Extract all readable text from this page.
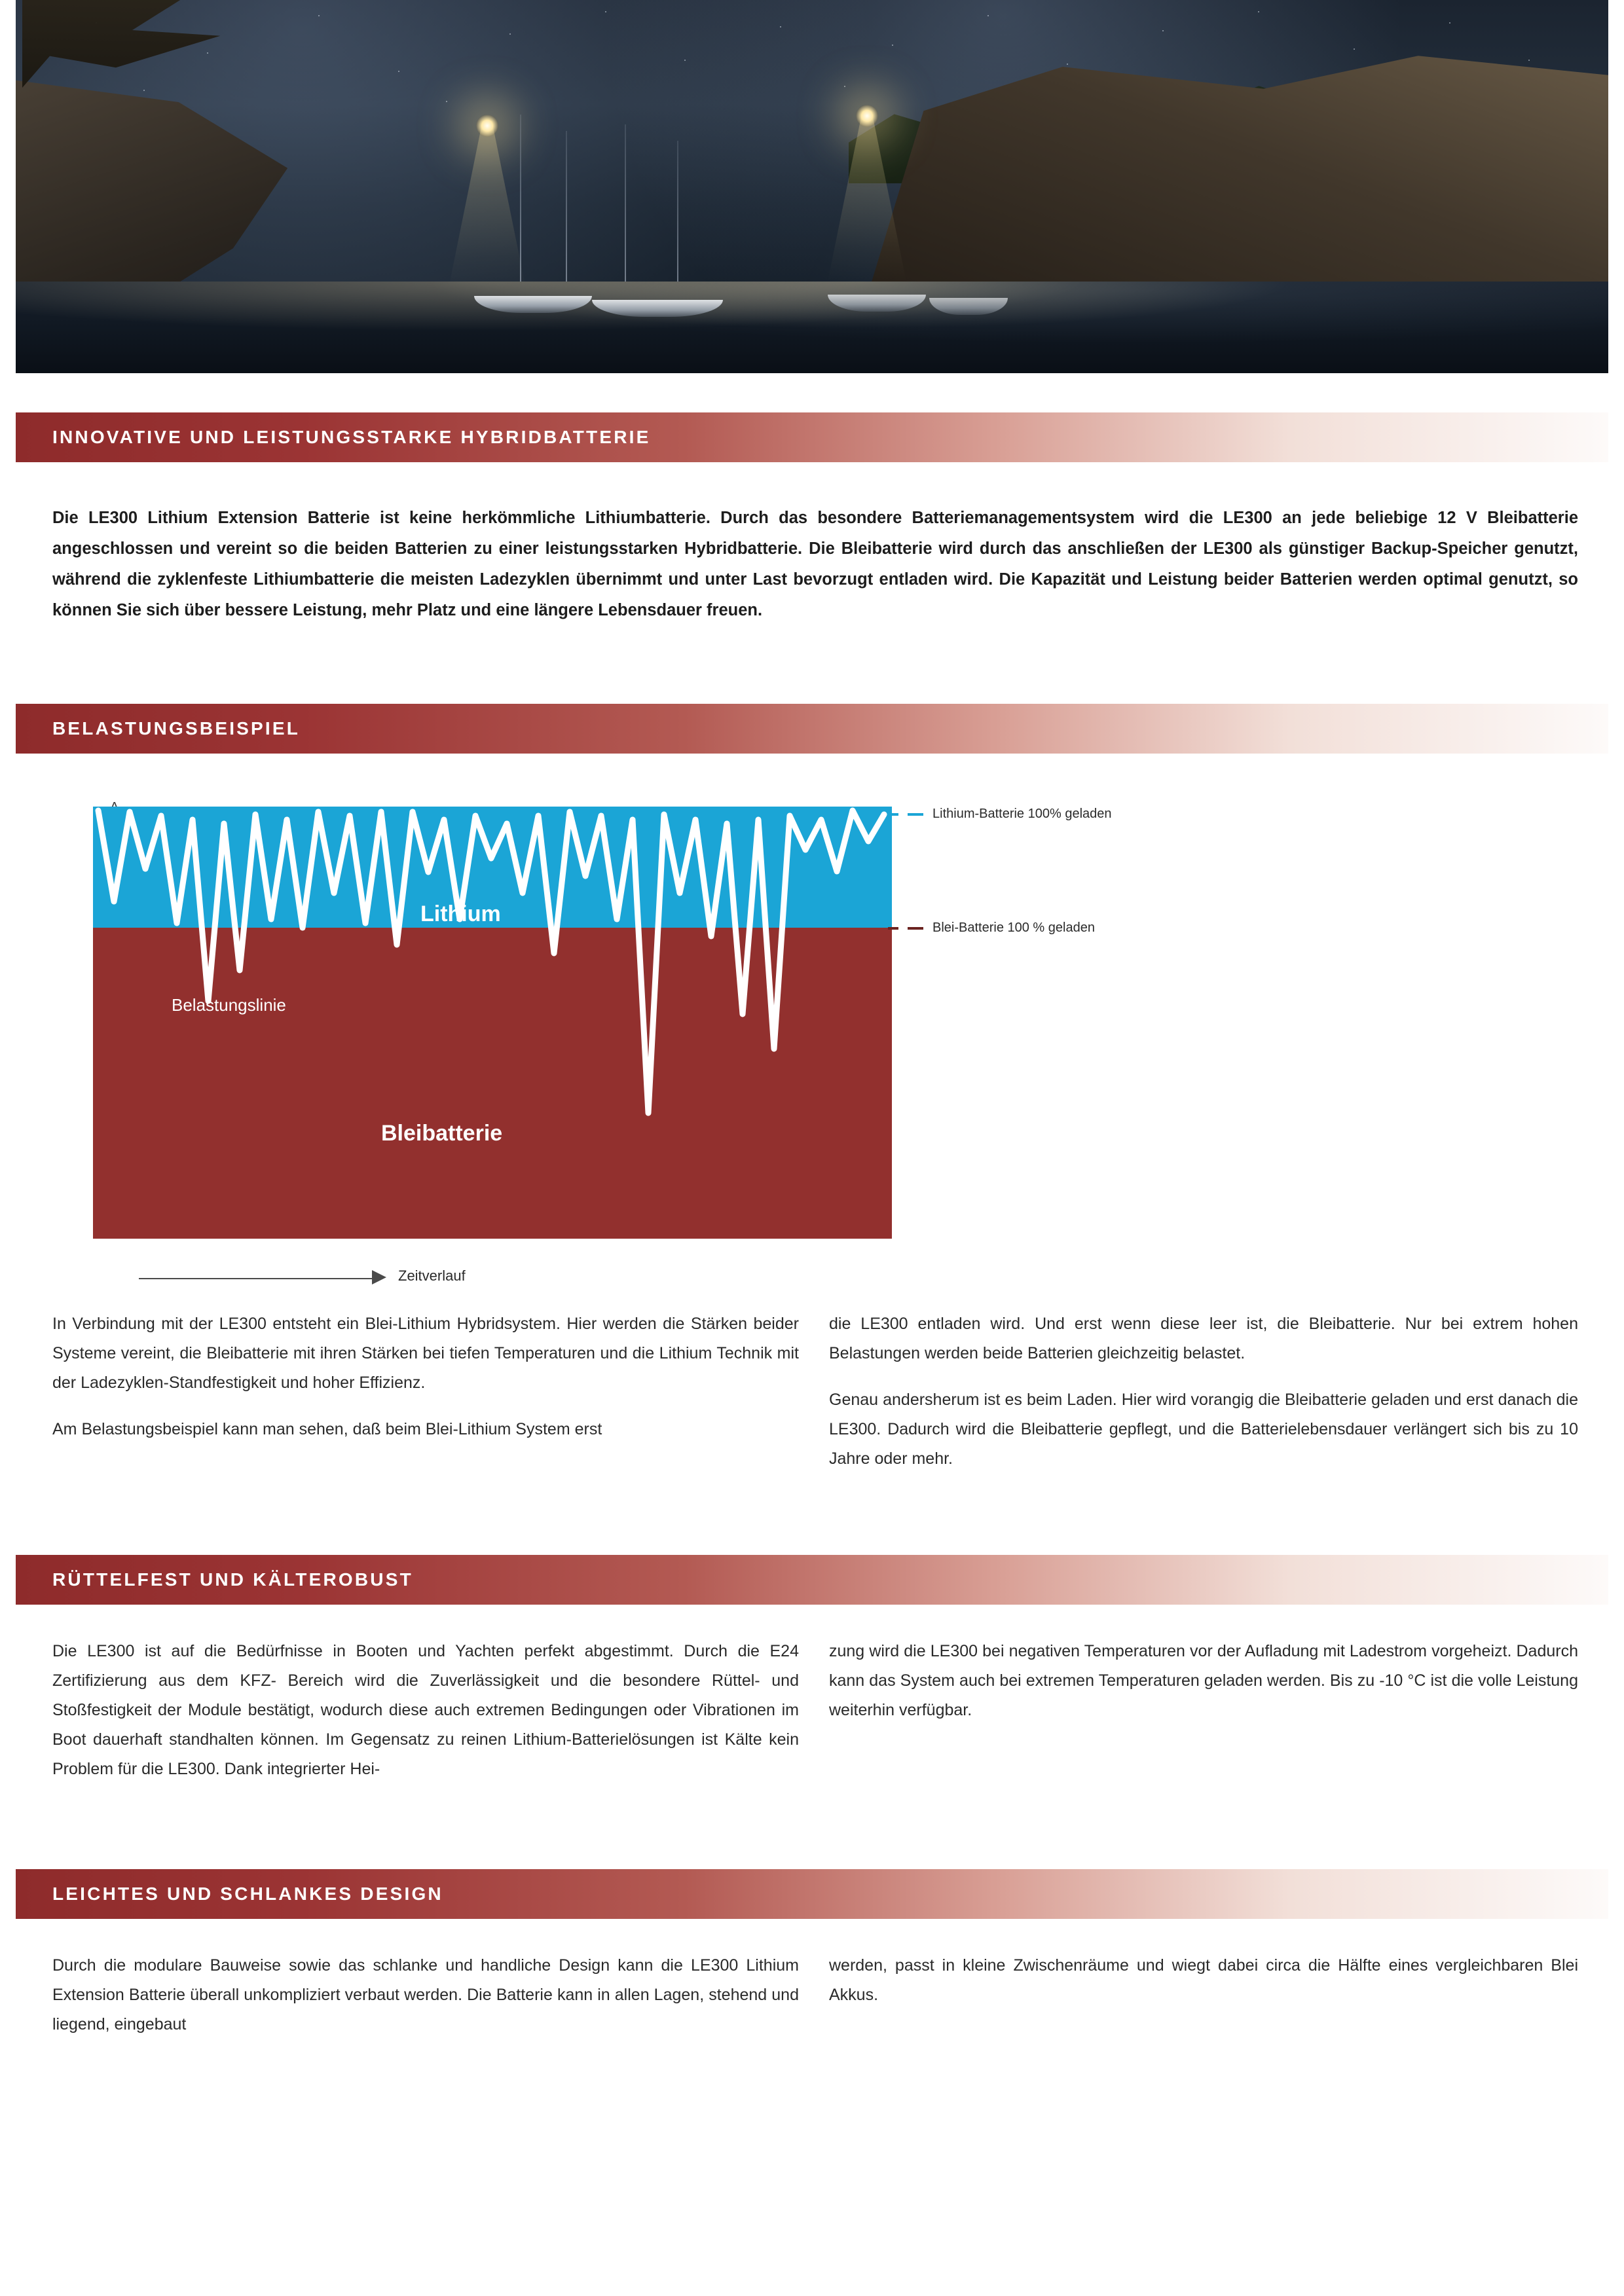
INNOVATIVE UND LEISTUNGSSTARKE HYBRIDBATTERIE
Die LE300 Lithium Extension Batterie ist keine herkömmliche Lithiumbatterie. Durch das besondere Batteriemanagementsystem wird die LE300 an jede beliebige 12 V Bleibatterie angeschlossen und vereint so die beiden Batterien zu einer leistungsstarken Hybridbatterie. Die Bleibatterie wird durch das anschließen der LE300 als günstiger Backup-Speicher genutzt, während die zyklenfeste Lithiumbatterie die meisten Ladezyklen übernimmt und unter Last bevorzugt entladen wird. Die Kapazität und Leistung beider Batterien werden optimal genutzt, so können Sie sich über bessere Leistung, mehr Platz und eine längere Lebensdauer freuen.
BELASTUNGSBEISPIEL
Lithium
Bleibatterie
Belastungslinie
Zeitverlauf
Lithium-Batterie 100% geladen
Blei-Batterie 100 % geladen

In Verbindung mit der LE300 entsteht ein Blei-Lithium Hybridsystem. Hier werden die Stärken beider Systeme vereint, die Bleibatterie mit ihren Stärken bei tiefen Temperaturen und die Lithium Technik mit der Ladezyklen-Standfestigkeit und hoher Effizienz.

Am Belastungsbeispiel kann man sehen, daß beim Blei-Lithium System erst

die LE300 entladen wird. Und erst wenn diese leer ist, die Bleibatterie. Nur bei extrem hohen Belastungen werden beide Batterien gleichzeitig belastet.

Genau andersherum ist es beim Laden. Hier wird vorangig die Bleibatterie geladen und erst danach die LE300. Dadurch wird die Bleibatterie gepflegt, und die Batterielebensdauer verlängert sich bis zu 10 Jahre oder mehr.

RÜTTELFEST UND KÄLTEROBUST

Die LE300 ist auf die Bedürfnisse in Booten und Yachten perfekt abgestimmt. Durch die E24 Zertifizierung aus dem KFZ- Bereich wird die Zuverlässigkeit und die besondere Rüttel- und Stoßfestigkeit der Module bestätigt, wodurch diese auch extremen Bedingungen oder Vibrationen im Boot dauerhaft standhalten können. Im Gegensatz zu reinen Lithium-Batterielösungen ist Kälte kein Problem für die LE300. Dank integrierter Hei-

zung wird die LE300 bei negativen Temperaturen vor der Aufladung mit Ladestrom vorgeheizt. Dadurch kann das System auch bei extremen Temperaturen geladen werden. Bis zu -10 °C ist die volle Leistung weiterhin verfügbar.

LEICHTES UND SCHLANKES DESIGN

Durch die modulare Bauweise sowie das schlanke und handliche Design kann die LE300 Lithium Extension Batterie überall unkompliziert verbaut werden. Die Batterie kann in allen Lagen, stehend und liegend, eingebaut

werden, passt in kleine Zwischenräume und wiegt dabei circa die Hälfte eines vergleichbaren Blei Akkus.
